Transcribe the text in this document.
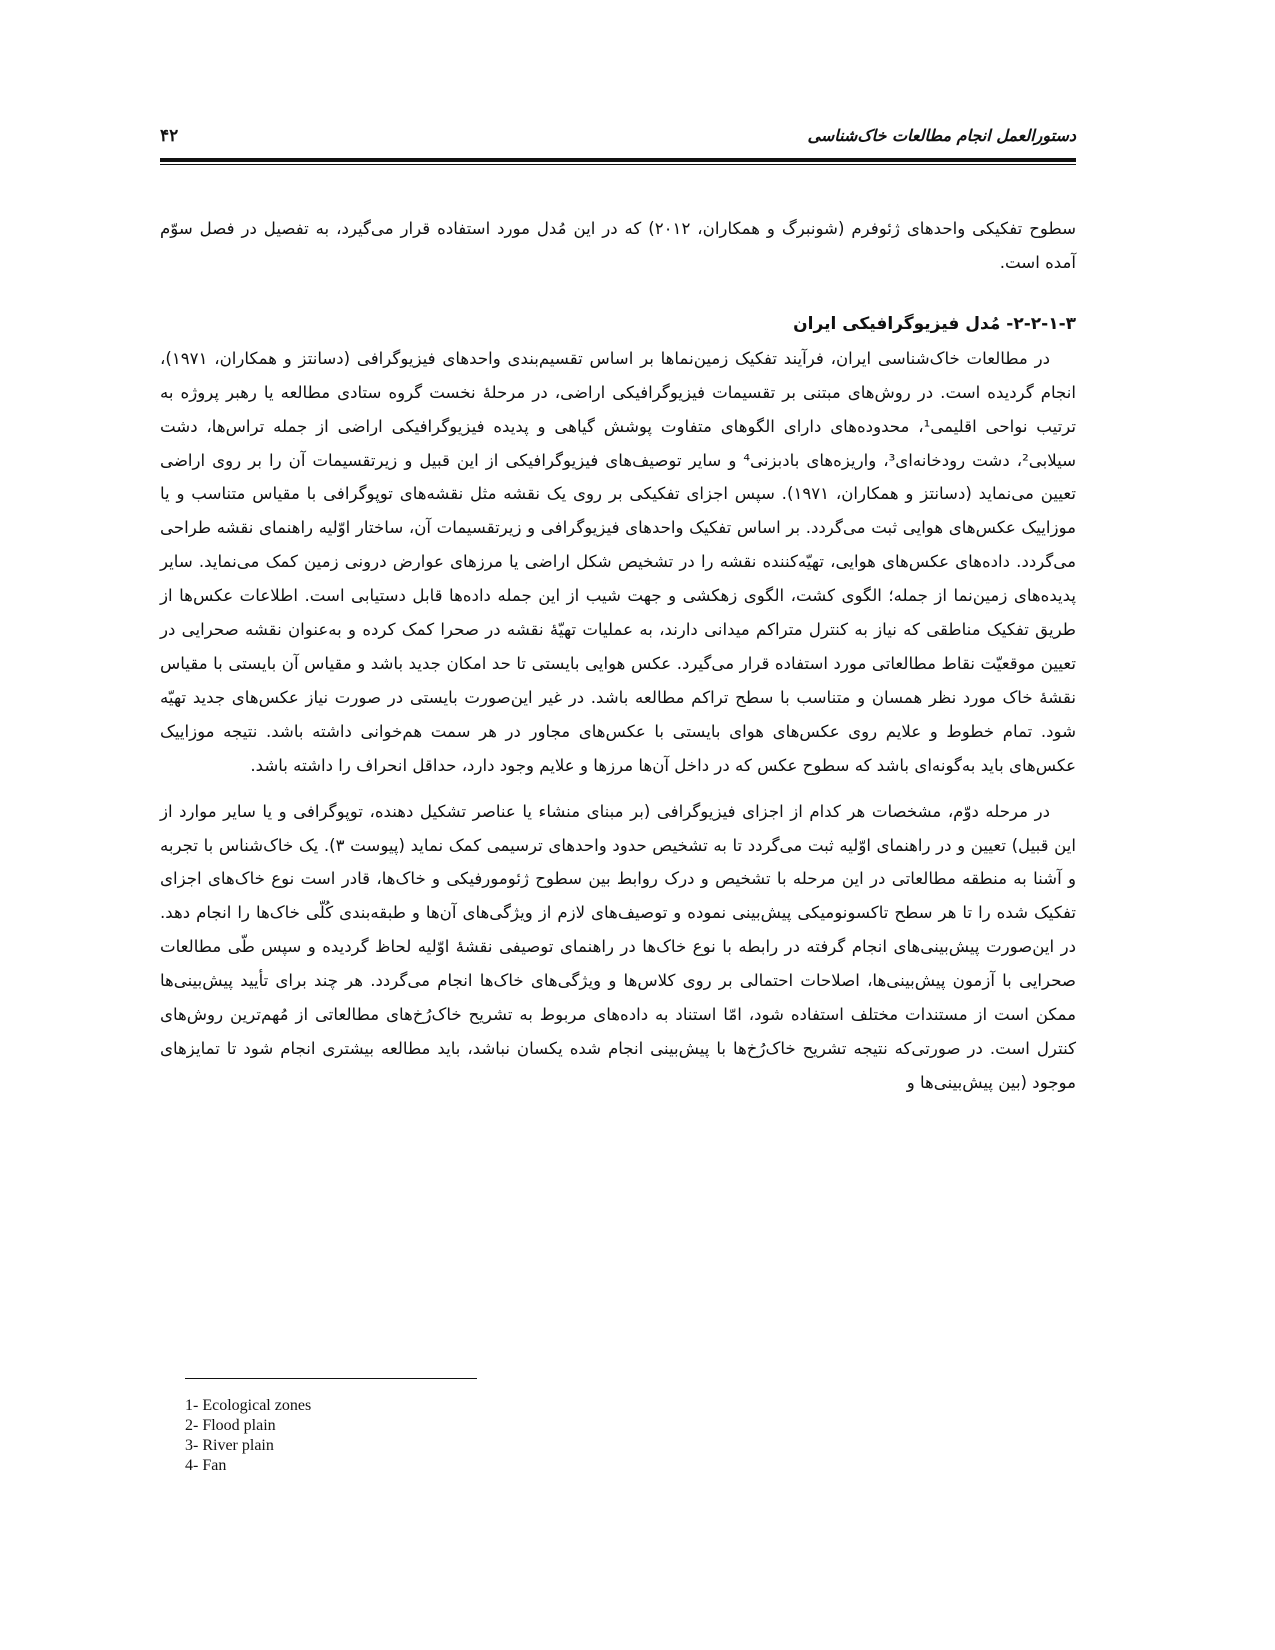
۴۲	دستورالعمل انجام مطالعات خاک‌شناسی

سطوح تفکیکی واحدهای ژئوفرم (شونبرگ و همکاران، ۲۰۱۲) که در این مُدل مورد استفاده قرار می‌گیرد، به تفصیل در فصل سوّم آمده است.

۲-۲-۱-۳- مُدل فیزیوگرافیکی ایران

در مطالعات خاک‌شناسی ایران، فرآیند تفکیک زمین‌نماها بر اساس تقسیم‌بندی واحدهای فیزیوگرافی (دسانتز و همکاران، ۱۹۷۱)، انجام گردیده است. در روش‌های مبتنی بر تقسیمات فیزیوگرافیکی اراضی، در مرحلهٔ نخست گروه ستادی مطالعه یا رهبر پروژه به ترتیب نواحی اقلیمی¹، محدوده‌های دارای الگوهای متفاوت پوشش گیاهی و پدیده فیزیوگرافیکی اراضی از جمله تراس‌ها، دشت سیلابی²، دشت رودخانه‌ای³، واریزه‌های بادبزنی⁴ و سایر توصیف‌های فیزیوگرافیکی از این قبیل و زیرتقسیمات آن را بر روی اراضی تعیین می‌نماید (دسانتز و همکاران، ۱۹۷۱). سپس اجزای تفکیکی بر روی یک نقشه مثل نقشه‌های توپوگرافی با مقیاس متناسب و یا موزاییک عکس‌های هوایی ثبت می‌گردد. بر اساس تفکیک واحدهای فیزیوگرافی و زیرتقسیمات آن، ساختار اوّلیه راهنمای نقشه طراحی می‌گردد. داده‌های عکس‌های هوایی، تهیّه‌کننده نقشه را در تشخیص شکل اراضی یا مرزهای عوارض درونی زمین کمک می‌نماید. سایر پدیده‌های زمین‌نما از جمله؛ الگوی کشت، الگوی زهکشی و جهت شیب از این جمله داده‌ها قابل دستیابی است. اطلاعات عکس‌ها از طریق تفکیک مناطقی که نیاز به کنترل متراکم میدانی دارند، به عملیات تهیّهٔ نقشه در صحرا کمک کرده و به‌عنوان نقشه صحرایی در تعیین موقعیّت نقاط مطالعاتی مورد استفاده قرار می‌گیرد. عکس هوایی بایستی تا حد امکان جدید باشد و مقیاس آن بایستی با مقیاس نقشهٔ خاک مورد نظر همسان و متناسب با سطح تراکم مطالعه باشد. در غیر این‌صورت بایستی در صورت نیاز عکس‌های جدید تهیّه شود. تمام خطوط و علایم روی عکس‌های هوای بایستی با عکس‌های مجاور در هر سمت هم‌خوانی داشته باشد. نتیجه موزاییک عکس‌های باید به‌گونه‌ای باشد که سطوح عکس که در داخل آن‌ها مرزها و علایم وجود دارد، حداقل انحراف را داشته باشد.

در مرحله دوّم، مشخصات هر کدام از اجزای فیزیوگرافی (بر مبنای منشاء یا عناصر تشکیل دهنده، توپوگرافی و یا سایر موارد از این قبیل) تعیین و در راهنمای اوّلیه ثبت می‌گردد تا به تشخیص حدود واحدهای ترسیمی کمک نماید (پیوست ۳). یک خاک‌شناس با تجربه و آشنا به منطقه مطالعاتی در این مرحله با تشخیص و درک روابط بین سطوح ژئومورفیکی و خاک‌ها، قادر است نوع خاک‌های اجزای تفکیک شده را تا هر سطح تاکسونومیکی پیش‌بینی نموده و توصیف‌های لازم از ویژگی‌های آن‌ها و طبقه‌بندی کُلّی خاک‌ها را انجام دهد. در این‌صورت پیش‌بینی‌های انجام گرفته در رابطه با نوع خاک‌ها در راهنمای توصیفی نقشهٔ اوّلیه لحاظ گردیده و سپس طّی مطالعات صحرایی با آزمون پیش‌بینی‌ها، اصلاحات احتمالی بر روی کلاس‌ها و ویژگی‌های خاک‌ها انجام می‌گردد. هر چند برای تأیید پیش‌بینی‌ها ممکن است از مستندات مختلف استفاده شود، امّا استناد به داده‌های مربوط به تشریح خاک‌رُخ‌های مطالعاتی از مُهم‌ترین روش‌های کنترل است. در صورتی‌که نتیجه تشریح خاک‌رُخ‌ها با پیش‌بینی انجام شده یکسان نباشد، باید مطالعه بیشتری انجام شود تا تمایزهای موجود (بین پیش‌بینی‌ها و

1- Ecological zones
2- Flood plain
3- River plain
4- Fan
